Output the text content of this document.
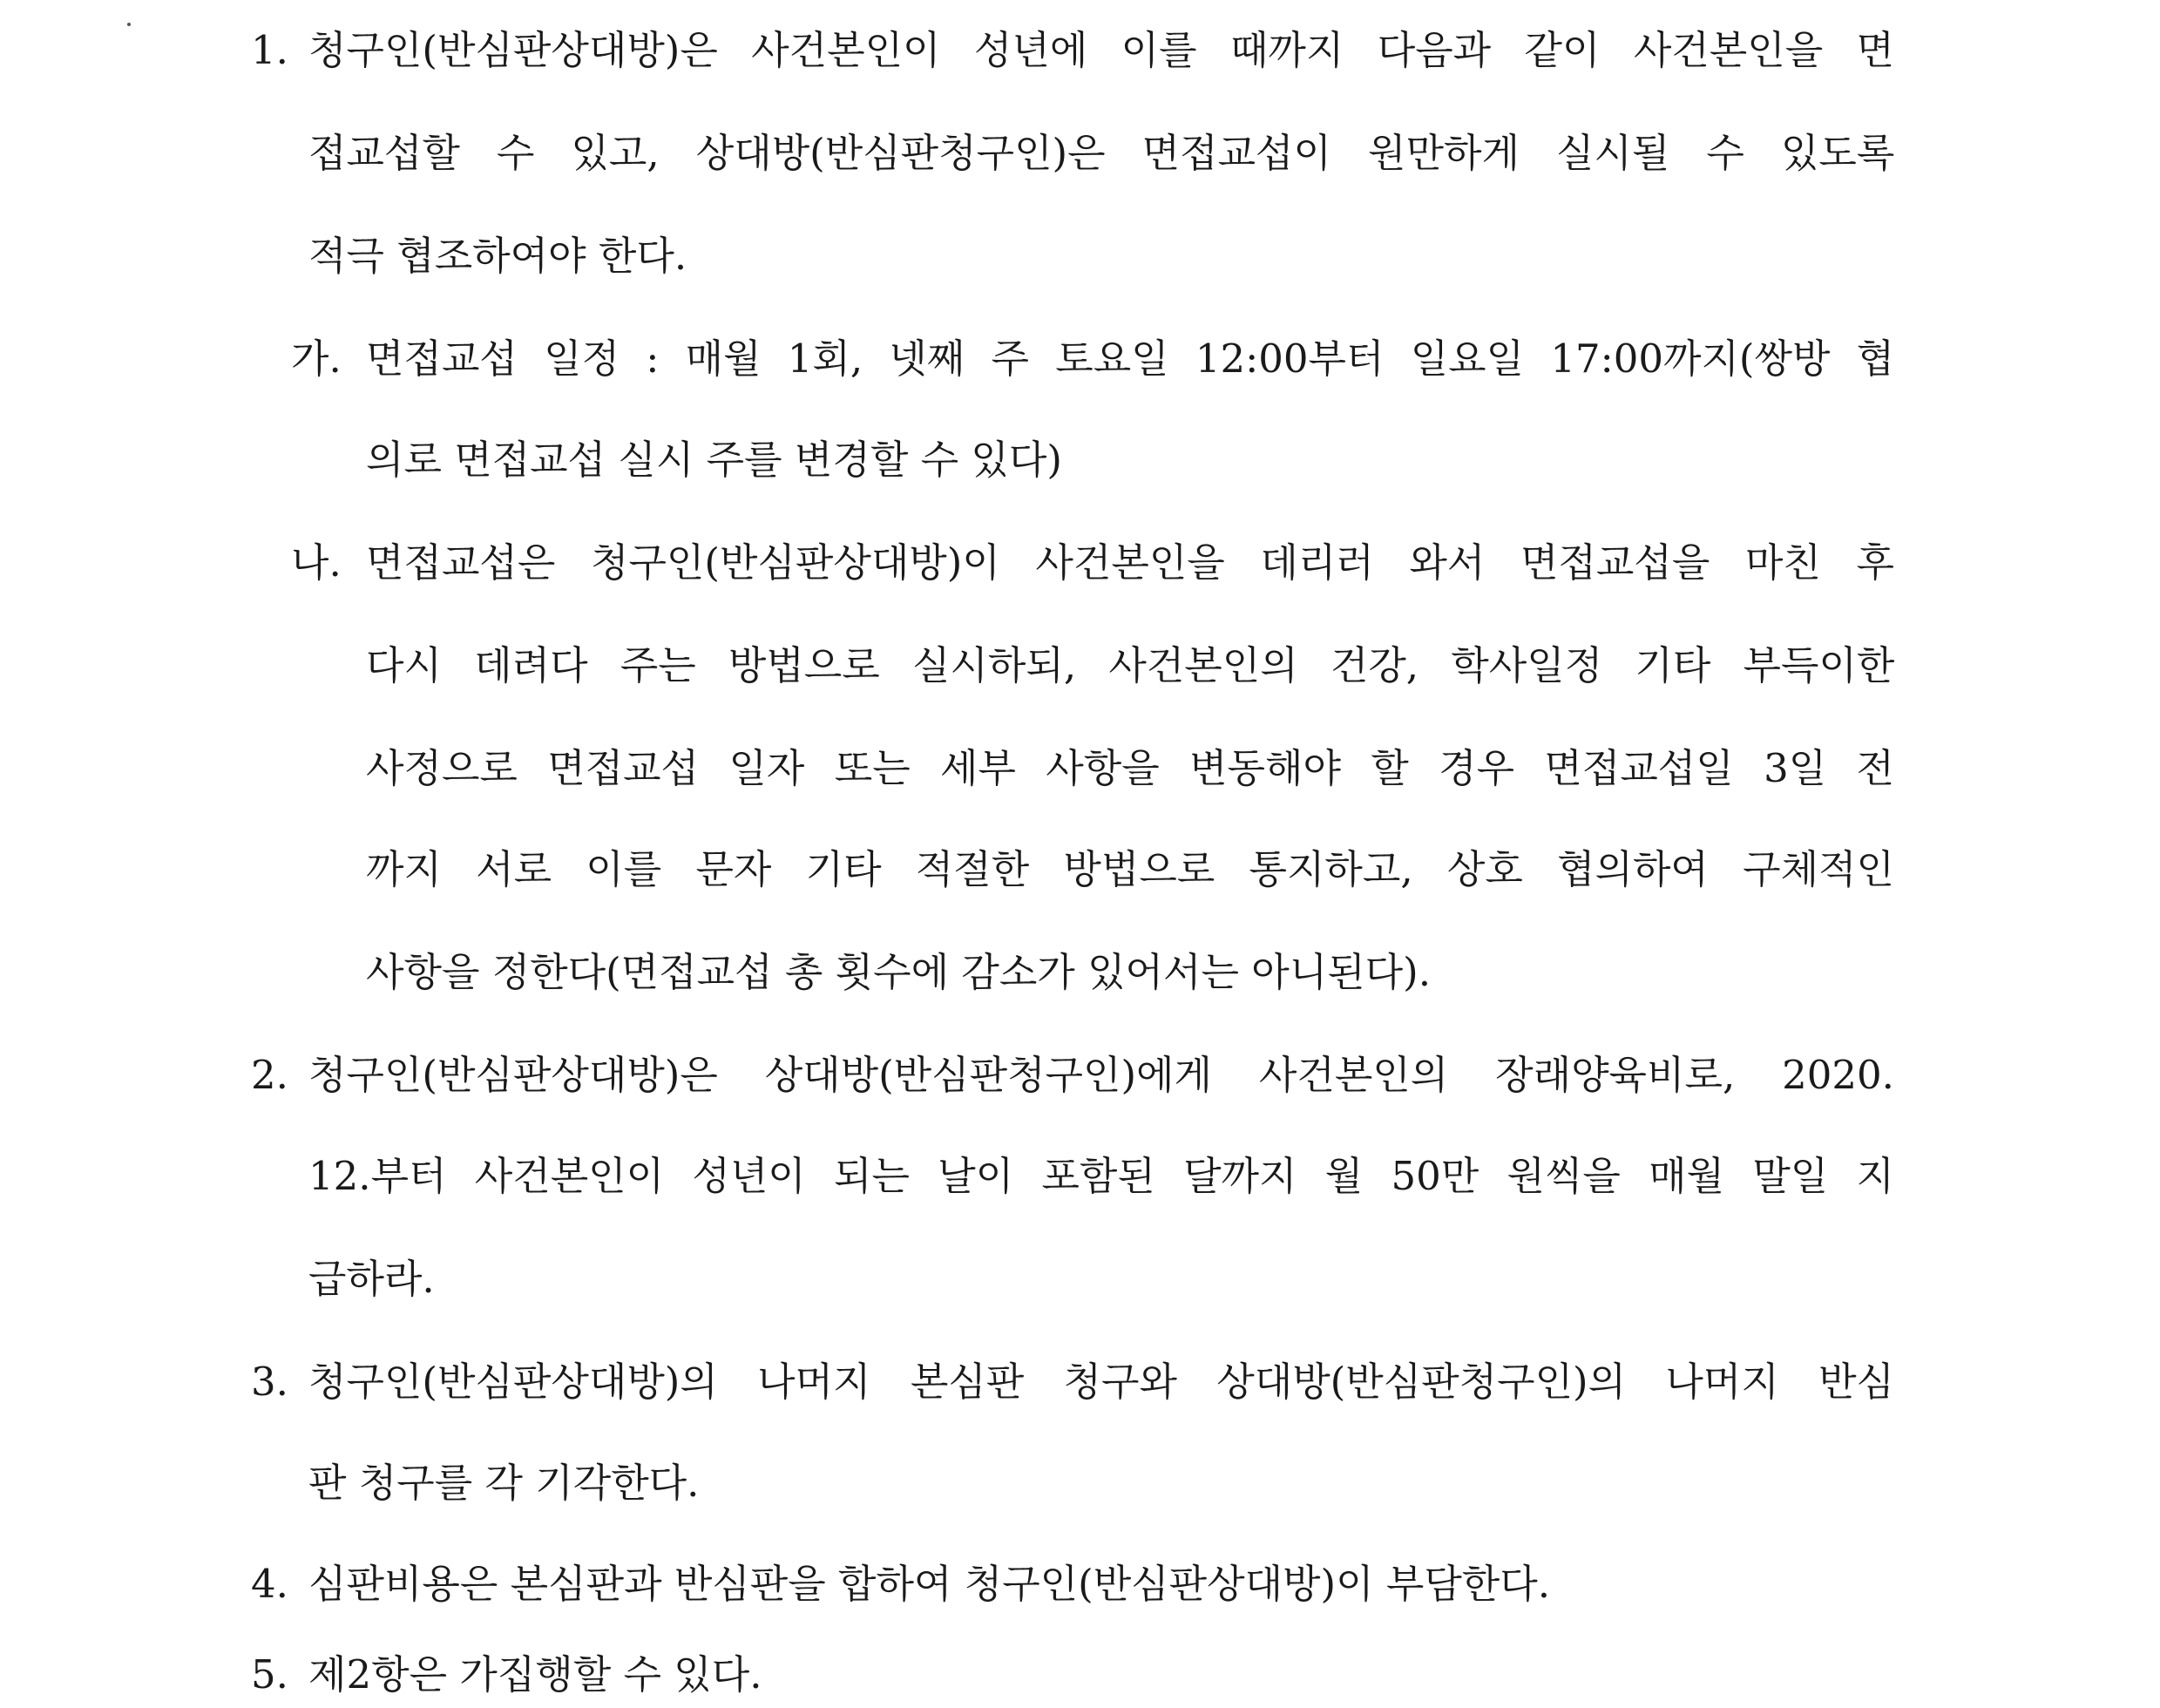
1. 청구인(반심판상대방)은 사건본인이 성년에 이를 때까지 다음과 같이 사건본인을 면
접교섭할 수 있고, 상대방(반심판청구인)은 면접교섭이 원만하게 실시될 수 있도록
적극 협조하여야 한다.
가. 면접교섭 일정 : 매월 1회, 넷째 주 토요일 12:00부터 일요일 17:00까지(쌍방 협
의로 면접교섭 실시 주를 변경할 수 있다)
나. 면접교섭은 청구인(반심판상대방)이 사건본인을 데리러 와서 면접교섭을 마친 후
다시 데려다 주는 방법으로 실시하되, 사건본인의 건강, 학사일정 기타 부득이한
사정으로 면접교섭 일자 또는 세부 사항을 변동해야 할 경우 면접교섭일 3일 전
까지 서로 이를 문자 기타 적절한 방법으로 통지하고, 상호 협의하여 구체적인
사항을 정한다(면접교섭 총 횟수에 감소가 있어서는 아니된다).
2. 청구인(반심판상대방)은 상대방(반심판청구인)에게 사건본인의 장래양육비로, 2020.
12.부터 사건본인이 성년이 되는 날이 포함된 달까지 월 50만 원씩을 매월 말일 지
급하라.
3. 청구인(반심판상대방)의 나머지 본심판 청구와 상대방(반심판청구인)의 나머지 반심
판 청구를 각 기각한다.
4. 심판비용은 본심판과 반심판을 합하여 청구인(반심판상대방)이 부담한다.
5. 제2항은 가집행할 수 있다.
